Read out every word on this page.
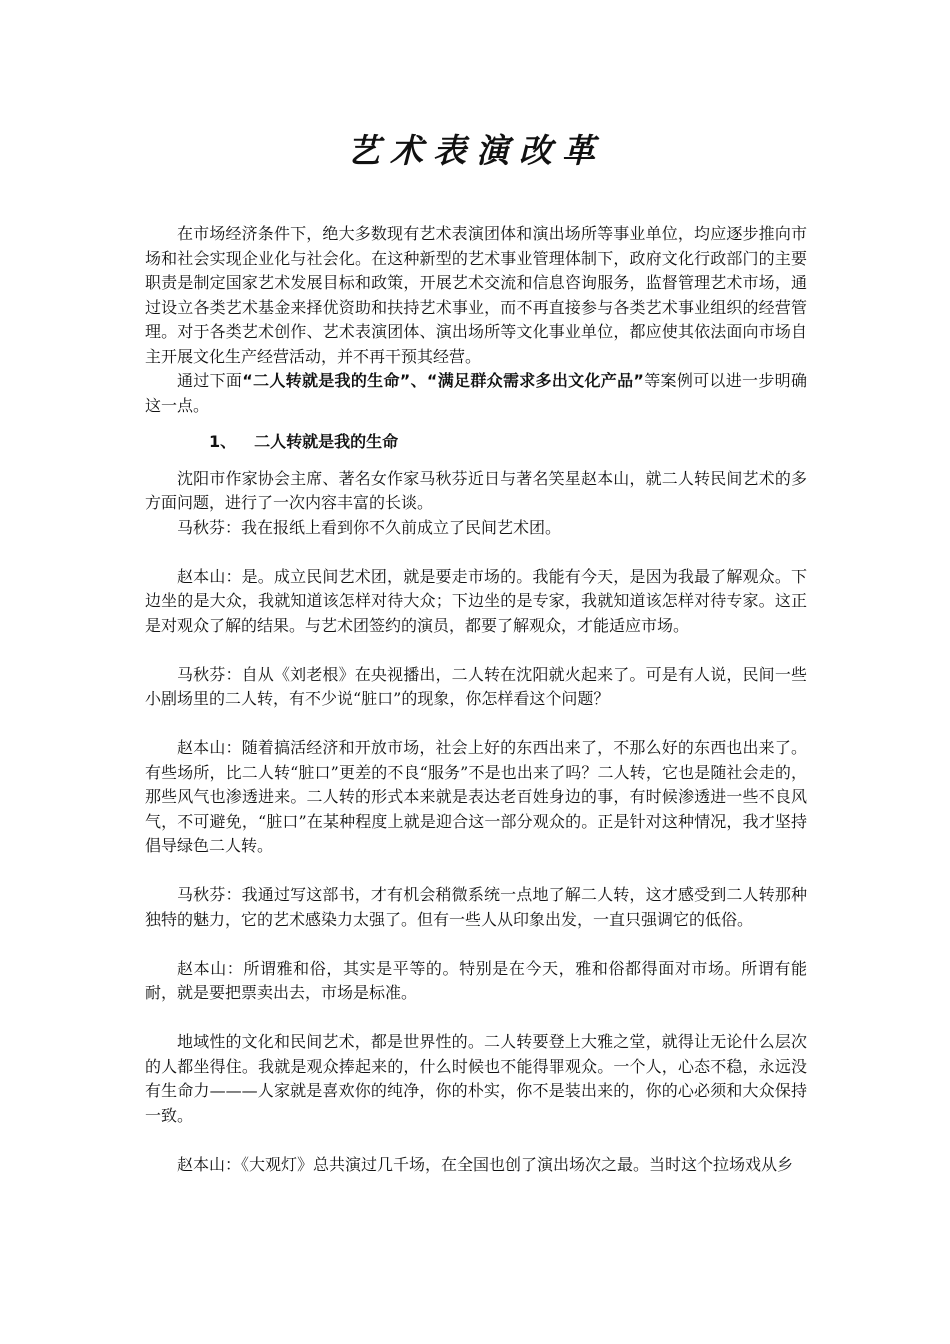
艺术表演改革

在市场经济条件下，绝大多数现有艺术表演团体和演出场所等事业单位，均应逐步推向市场和社会实现企业化与社会化。在这种新型的艺术事业管理体制下，政府文化行政部门的主要职责是制定国家艺术发展目标和政策，开展艺术交流和信息咨询服务，监督管理艺术市场，通过设立各类艺术基金来择优资助和扶持艺术事业，而不再直接参与各类艺术事业组织的经营管理。对于各类艺术创作、艺术表演团体、演出场所等文化事业单位，都应使其依法面向市场自主开展文化生产经营活动，并不再干预其经营。

通过下面“二人转就是我的生命”、“满足群众需求多出文化产品”等案例可以进一步明确这一点。

1、 二人转就是我的生命

沈阳市作家协会主席、著名女作家马秋芬近日与著名笑星赵本山，就二人转民间艺术的多方面问题，进行了一次内容丰富的长谈。

马秋芬：我在报纸上看到你不久前成立了民间艺术团。

赵本山：是。成立民间艺术团，就是要走市场的。我能有今天，是因为我最了解观众。下边坐的是大众，我就知道该怎样对待大众；下边坐的是专家，我就知道该怎样对待专家。这正是对观众了解的结果。与艺术团签约的演员，都要了解观众，才能适应市场。

马秋芬：自从《刘老根》在央视播出，二人转在沈阳就火起来了。可是有人说，民间一些小剧场里的二人转，有不少说“脏口”的现象，你怎样看这个问题？

赵本山：随着搞活经济和开放市场，社会上好的东西出来了，不那么好的东西也出来了。有些场所，比二人转“脏口”更差的不良“服务”不是也出来了吗？二人转，它也是随社会走的，那些风气也渗透进来。二人转的形式本来就是表达老百姓身边的事，有时候渗透进一些不良风气，不可避免，“脏口”在某种程度上就是迎合这一部分观众的。正是针对这种情况，我才坚持倡导绿色二人转。

马秋芬：我通过写这部书，才有机会稍微系统一点地了解二人转，这才感受到二人转那种独特的魅力，它的艺术感染力太强了。但有一些人从印象出发，一直只强调它的低俗。

赵本山：所谓雅和俗，其实是平等的。特别是在今天，雅和俗都得面对市场。所谓有能耐，就是要把票卖出去，市场是标准。

地域性的文化和民间艺术，都是世界性的。二人转要登上大雅之堂，就得让无论什么层次的人都坐得住。我就是观众捧起来的，什么时候也不能得罪观众。一个人，心态不稳，永远没有生命力———人家就是喜欢你的纯净，你的朴实，你不是装出来的，你的心必须和大众保持一致。

赵本山：《大观灯》总共演过几千场，在全国也创了演出场次之最。当时这个拉场戏从乡
